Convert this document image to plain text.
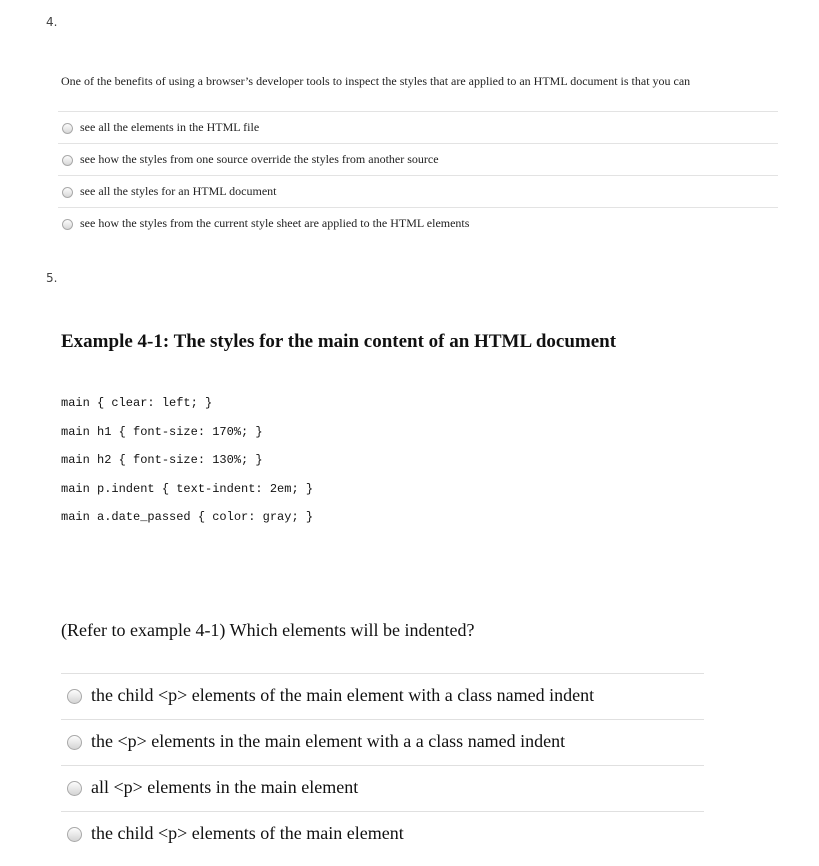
4.
One of the benefits of using a browser’s developer tools to inspect the styles that are applied to an HTML document is that you can
see all the elements in the HTML file
see how the styles from one source override the styles from another source
see all the styles for an HTML document
see how the styles from the current style sheet are applied to the HTML elements
5.
Example 4-1: The styles for the main content of an HTML document
main { clear: left; }
main h1 { font-size: 170%; }
main h2 { font-size: 130%; }
main p.indent { text-indent: 2em; }
main a.date_passed { color: gray; }
(Refer to example 4-1) Which elements will be indented?
the child <p> elements of the main element with a class named indent
the <p> elements in the main element with a a class named indent
all <p> elements in the main element
the child <p> elements of the main element
